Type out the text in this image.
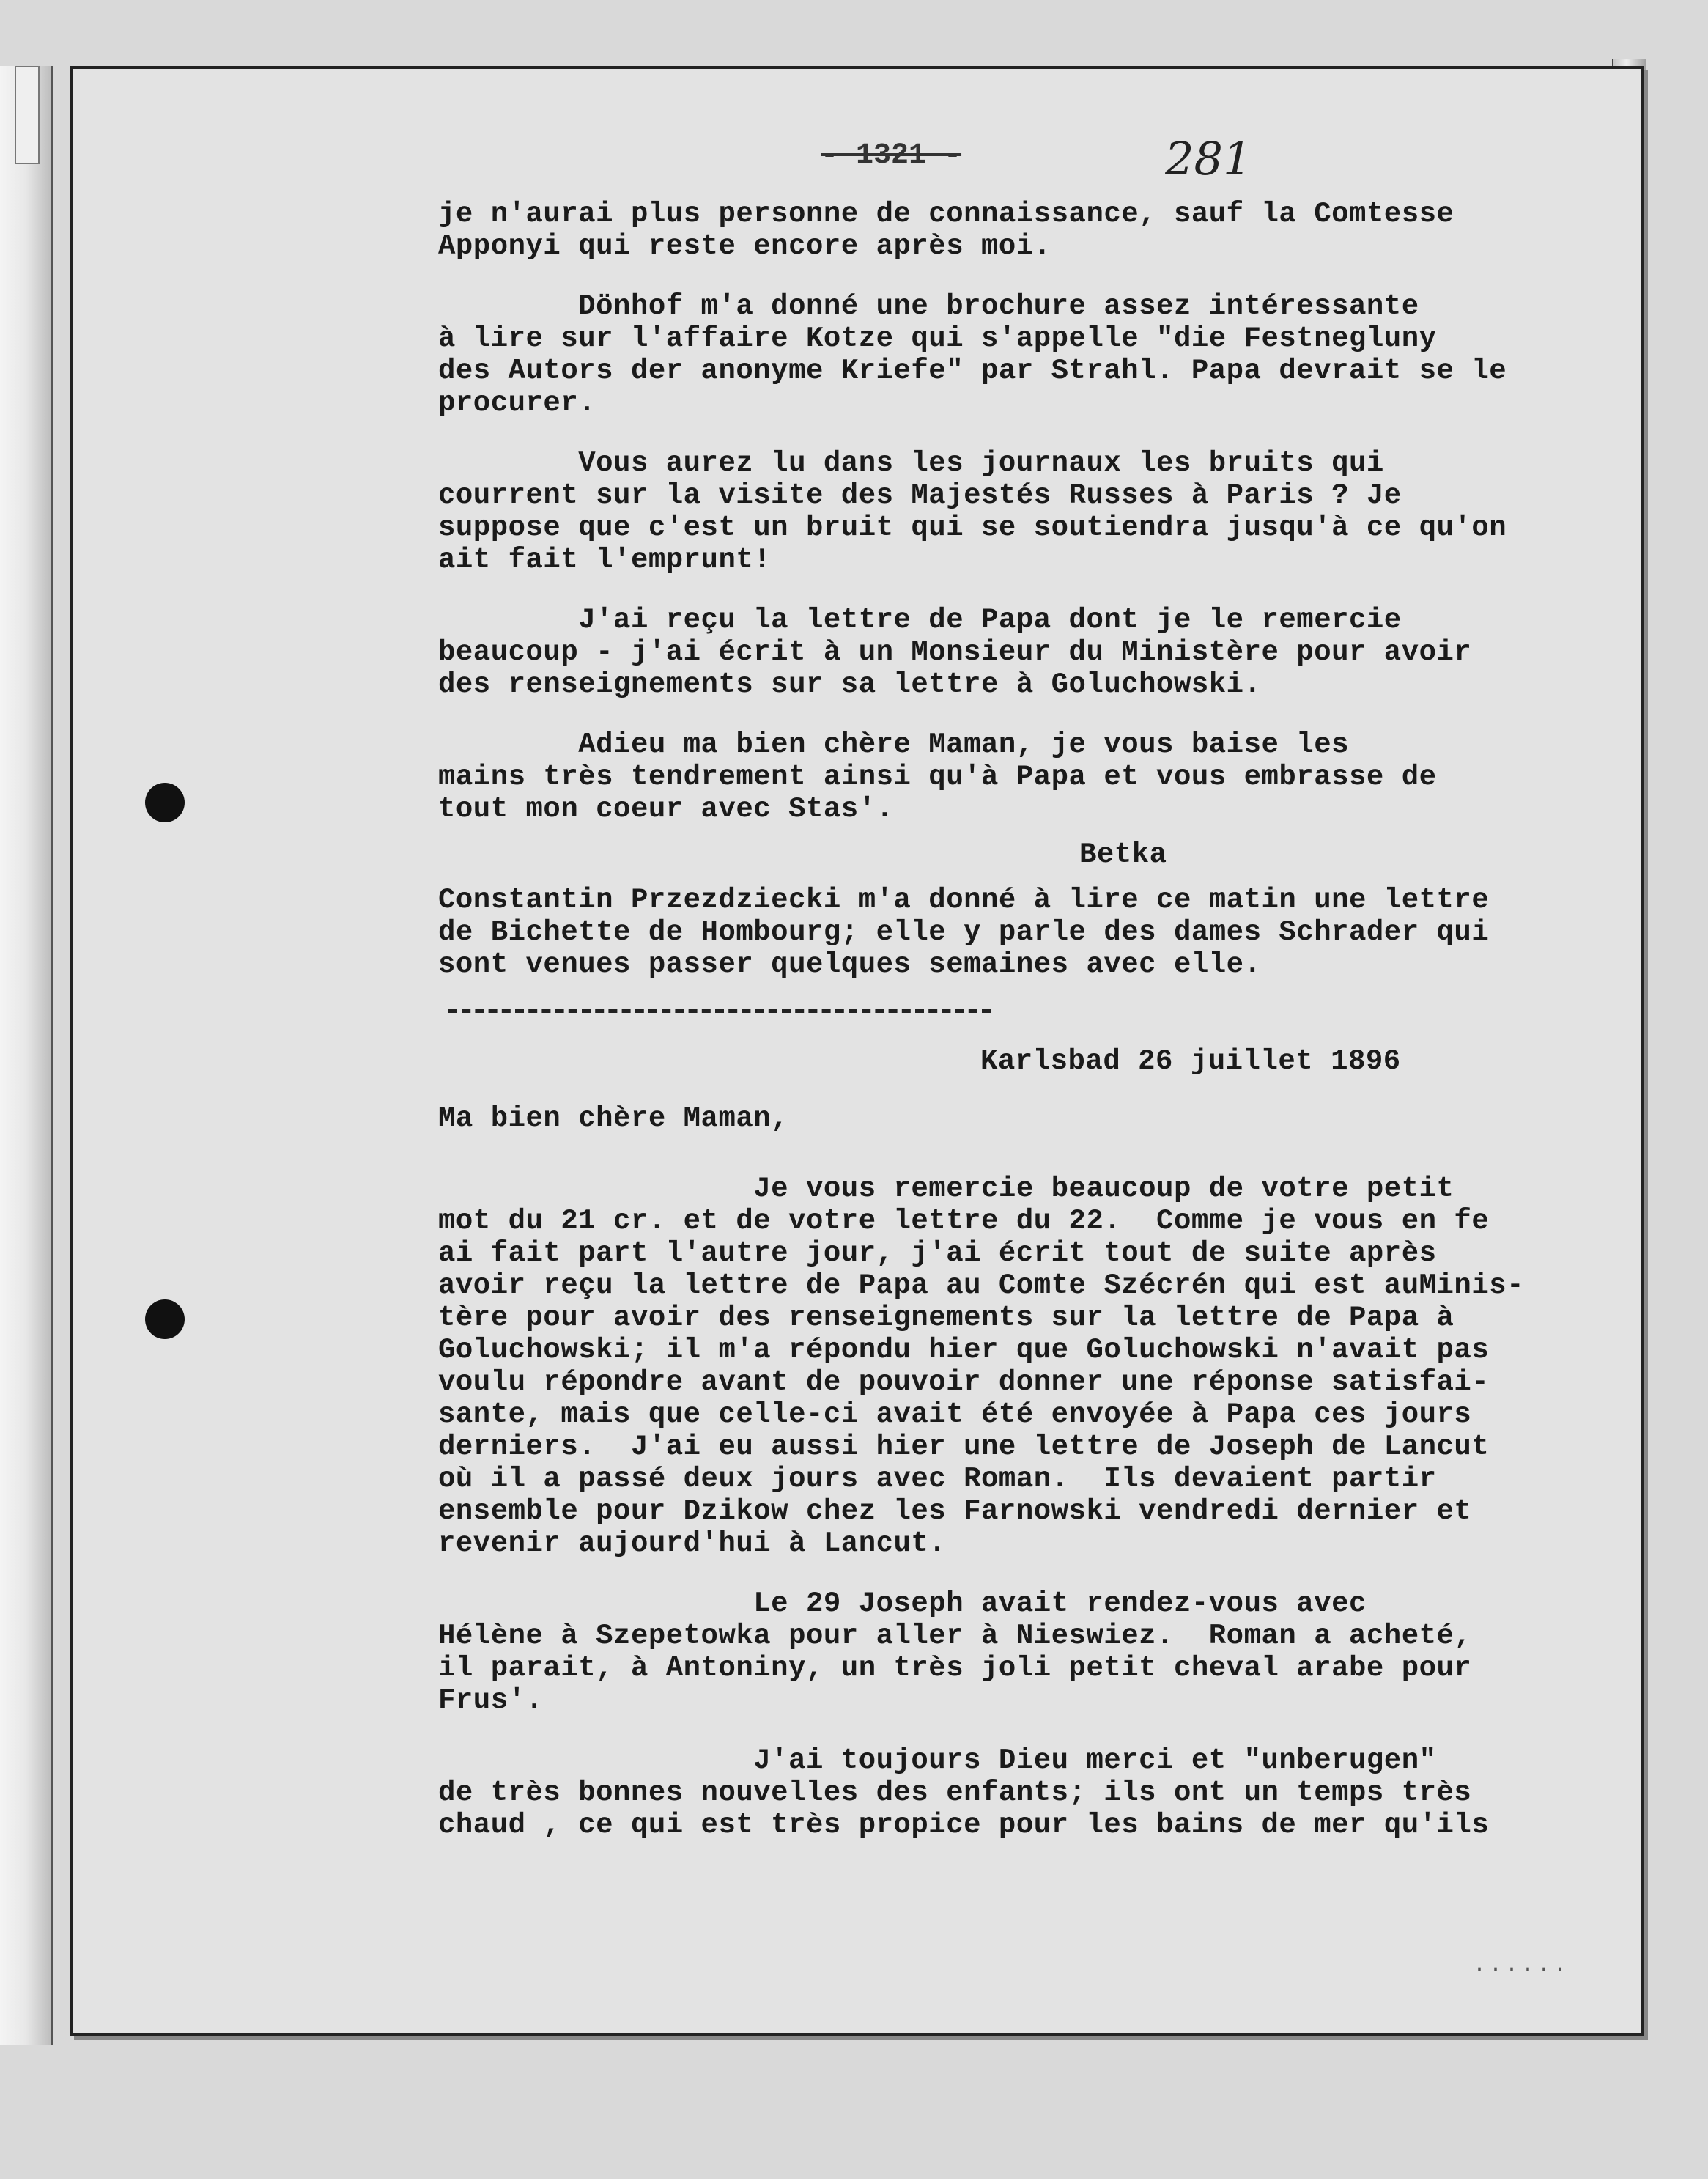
- 1321 -	281
je n'aurai plus personne de connaissance, sauf la Comtesse
Apponyi qui reste encore après moi.
Dönhof m'a donné une brochure assez intéressante
à lire sur l'affaire Kotze qui s'appelle "die Festnegluny
des Autors der anonyme Kriefe" par Strahl. Papa devrait se le
procurer.
Vous aurez lu dans les journaux les bruits qui
courrent sur la visite des Majestés Russes à Paris ? Je
suppose que c'est un bruit qui se soutiendra jusqu'à ce qu'on
ait fait l'emprunt!
J'ai reçu la lettre de Papa dont je le remercie
beaucoup - j'ai écrit à un Monsieur du Ministère pour avoir
des renseignements sur sa lettre à Goluchowski.
Adieu ma bien chère Maman, je vous baise les
mains très tendrement ainsi qu'à Papa et vous embrasse de
tout mon coeur avec Stas'.
Betka
Constantin Przezdziecki m'a donné à lire ce matin une lettre
de Bichette de Hombourg; elle y parle des dames Schrader qui
sont venues passer quelques semaines avec elle.
Karlsbad 26 juillet 1896
Ma bien chère Maman,
Je vous remercie beaucoup de votre petit
mot du 21 cr. et de votre lettre du 22.  Comme je vous en fe
ai fait part l'autre jour, j'ai écrit tout de suite après
avoir reçu la lettre de Papa au Comte Szécrén qui est auMinis-
tère pour avoir des renseignements sur la lettre de Papa à
Goluchowski; il m'a répondu hier que Goluchowski n'avait pas
voulu répondre avant de pouvoir donner une réponse satisfai-
sante, mais que celle-ci avait été envoyée à Papa ces jours
derniers.  J'ai eu aussi hier une lettre de Joseph de Lancut
où il a passé deux jours avec Roman.  Ils devaient partir
ensemble pour Dzikow chez les Farnowski vendredi dernier et
revenir aujourd'hui à Lancut.
Le 29 Joseph avait rendez-vous avec
Hélène à Szepetowka pour aller à Nieswiez.  Roman a acheté,
il parait, à Antoniny, un très joli petit cheval arabe pour
Frus'.
J'ai toujours Dieu merci et "unberugen"
de très bonnes nouvelles des enfants; ils ont un temps très
chaud , ce qui est très propice pour les bains de mer qu'ils
......
